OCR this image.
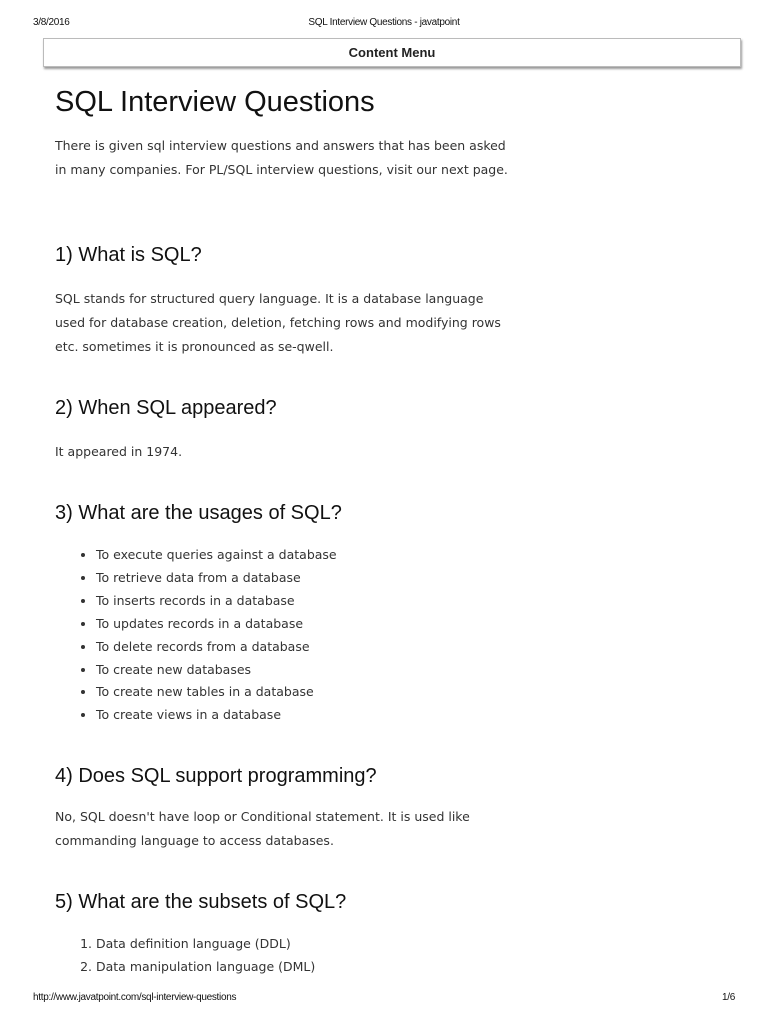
3/8/2016	SQL Interview Questions - javatpoint
Content Menu
SQL Interview Questions

There is given sql interview questions and answers that has been asked in many companies. For PL/SQL interview questions, visit our next page.

1) What is SQL?

SQL stands for structured query language. It is a database language used for database creation, deletion, fetching rows and modifying rows etc. sometimes it is pronounced as se-qwell.

2) When SQL appeared?

It appeared in 1974.

3) What are the usages of SQL?
• To execute queries against a database
• To retrieve data from a database
• To inserts records in a database
• To updates records in a database
• To delete records from a database
• To create new databases
• To create new tables in a database
• To create views in a database
4) Does SQL support programming?

No, SQL doesn't have loop or Conditional statement. It is used like commanding language to access databases.

5) What are the subsets of SQL?
1. Data definition language (DDL)
2. Data manipulation language (DML)
http://www.javatpoint.com/sql-interview-questions	1/6
